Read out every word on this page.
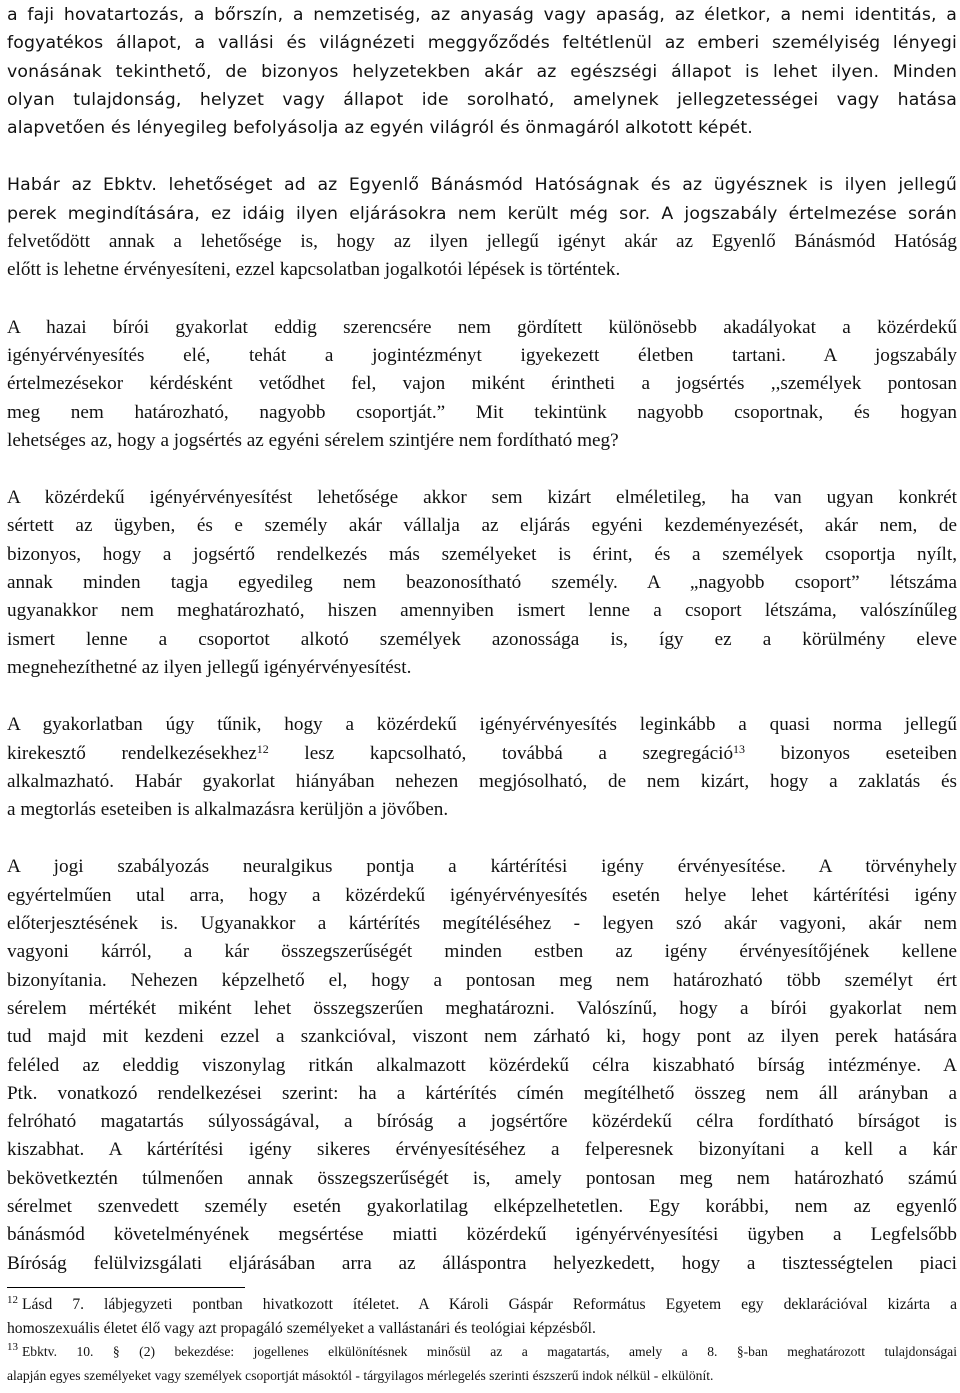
a faji hovatartozás, a bőrszín, a nemzetiség, az anyaság vagy apaság, az életkor, a nemi identitás, a
fogyatékos állapot, a vallási és világnézeti meggyőződés feltétlenül az emberi személyiség lényegi
vonásának tekinthető, de bizonyos helyzetekben akár az egészségi állapot is lehet ilyen. Minden
olyan tulajdonság, helyzet vagy állapot ide sorolható, amelynek jellegzetességei vagy hatása
alapvetően és lényegileg befolyásolja az egyén világról és önmagáról alkotott képét.

Habár az Ebktv. lehetőséget ad az Egyenlő Bánásmód Hatóságnak és az ügyésznek is ilyen jellegű
perek megindítására, ez idáig ilyen eljárásokra nem került még sor. A jogszabály értelmezése során
felvetődött annak a lehetősége is, hogy az ilyen jellegű igényt akár az Egyenlő Bánásmód Hatóság
előtt is lehetne érvényesíteni, ezzel kapcsolatban jogalkotói lépések is történtek.

A hazai bírói gyakorlat eddig szerencsére nem gördített különösebb akadályokat a közérdekű
igényérvényesítés elé, tehát a jogintézményt igyekezett életben tartani. A jogszabály
értelmezésekor kérdésként vetődhet fel, vajon miként érintheti a jogsértés ,,személyek pontosan
meg nem határozható, nagyobb csoportját.” Mit tekintünk nagyobb csoportnak, és hogyan
lehetséges az, hogy a jogsértés az egyéni sérelem szintjére nem fordítható meg?

A közérdekű igényérvényesítést lehetősége akkor sem kizárt elméletileg, ha van ugyan konkrét
sértett az ügyben, és e személy akár vállalja az eljárás egyéni kezdeményezését, akár nem, de
bizonyos, hogy a jogsértő rendelkezés más személyeket is érint, és a személyek csoportja nyílt,
annak minden tagja egyedileg nem beazonosítható személy. A „nagyobb csoport” létszáma
ugyanakkor nem meghatározható, hiszen amennyiben ismert lenne a csoport létszáma, valószínűleg
ismert lenne a csoportot alkotó személyek azonossága is, így ez a körülmény eleve
megnehezíthetné az ilyen jellegű igényérvényesítést.

A gyakorlatban úgy tűnik, hogy a közérdekű igényérvényesítés leginkább a quasi norma jellegű
kirekesztő rendelkezésekhez$^{12}$ lesz kapcsolható, továbbá a szegregáció$^{13}$ bizonyos eseteiben
alkalmazható. Habár gyakorlat hiányában nehezen megjósolható, de nem kizárt, hogy a zaklatás és
a megtorlás eseteiben is alkalmazásra kerüljön a jövőben.

A jogi szabályozás neuralgikus pontja a kártérítési igény érvényesítése. A törvényhely
egyértelműen utal arra, hogy a közérdekű igényérvényesítés esetén helye lehet kártérítési igény
előterjesztésének is. Ugyanakkor a kártérítés megítéléséhez - legyen szó akár vagyoni, akár nem
vagyoni kárról, a kár összegszerűségét minden estben az igény érvényesítőjének kellene
bizonyítania. Nehezen képzelhető el, hogy a pontosan meg nem határozható több személyt ért
sérelem mértékét miként lehet összegszerűen meghatározni. Valószínű, hogy a bírói gyakorlat nem
tud majd mit kezdeni ezzel a szankcióval, viszont nem zárható ki, hogy pont az ilyen perek hatására
feléled az eleddig viszonylag ritkán alkalmazott közérdekű célra kiszabható bírság intézménye. A
Ptk. vonatkozó rendelkezései szerint: ha a kártérítés címén megítélhető összeg nem áll arányban a
felróható magatartás súlyosságával, a bíróság a jogsértőre közérdekű célra fordítható bírságot is
kiszabhat. A kártérítési igény sikeres érvényesítéséhez a felperesnek bizonyítani a kell a kár
bekövetkeztén túlmenően annak összegszerűségét is, amely pontosan meg nem határozható számú
sérelmet szenvedett személy esetén gyakorlatilag elképzelhetetlen. Egy korábbi, nem az egyenlő
bánásmód követelményének megsértése miatti közérdekű igényérvényesítési ügyben a Legfelsőbb
Bíróság felülvizsgálati eljárásában arra az álláspontra helyezkedett, hogy a tisztességtelen piaci

$^{12}$ Lásd 7. lábjegyzeti pontban hivatkozott ítéletet. A Károli Gáspár Református Egyetem egy deklarációval kizárta a
homoszexuális életet élő vagy azt propagáló személyeket a vallástanári és teológiai képzésből.
$^{13}$ Ebktv. 10. § (2) bekezdése: jogellenes elkülönítésnek minősül az a magatartás, amely a 8. §-ban meghatározott tulajdonságai
alapján egyes személyeket vagy személyek csoportját másoktól - tárgyilagos mérlegelés szerinti észszerű indok nélkül - elkülönít.
